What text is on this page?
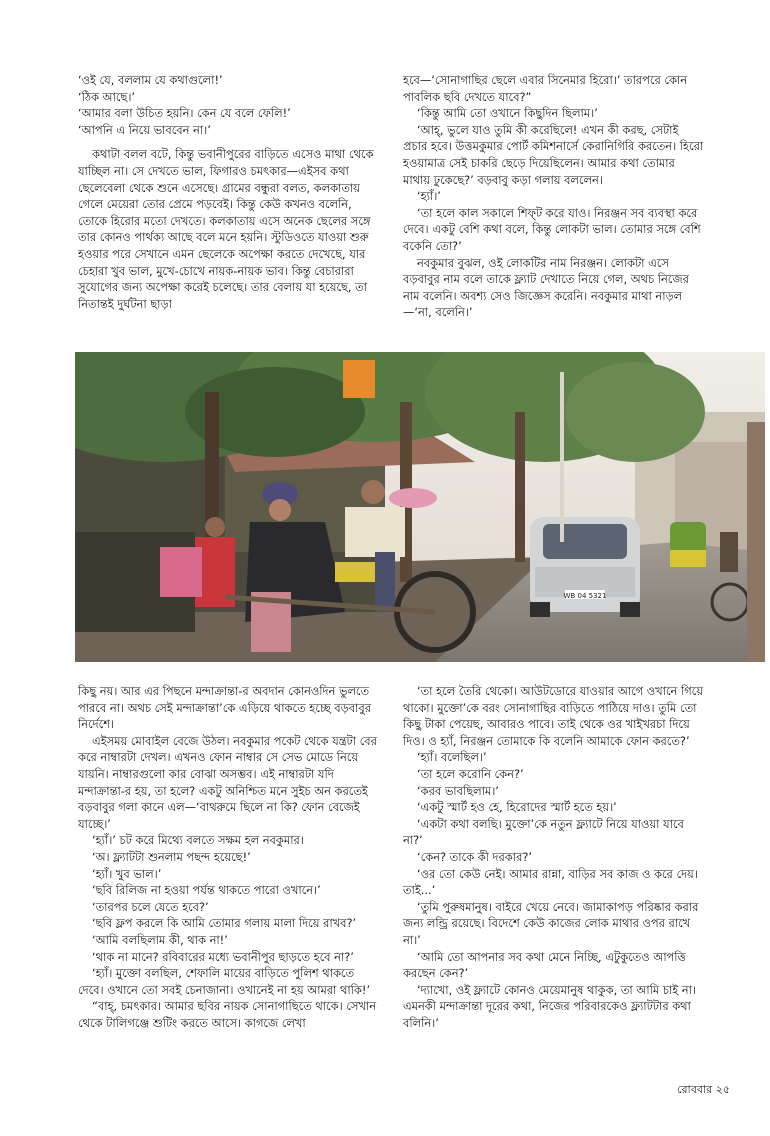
‘ওই যে, বললাম যে কথাগুলো!’

‘ঠিক আছে।’

‘আমার বলা উচিত হয়নি। কেন যে বলে ফেলি!’

‘আপনি এ নিয়ে ভাববেন না।’

কথাটা বলল বটে, কিন্তু ভবানীপুরের বাড়িতে এসেও মাথা থেকে যাচ্ছিল না। সে দেখতে ভাল, ফিগারও চমৎকার—এইসব কথা ছেলেবেলা থেকে শুনে এসেছে। গ্রামের বন্ধুরা বলত, কলকাতায় গেলে মেয়েরা তোর প্রেমে পড়বেই। কিন্তু কেউ কখনও বলেনি, তোকে হিরোর মতো দেখতে। কলকাতায় এসে অনেক ছেলের সঙ্গে তার কোনও পার্থক্য আছে বলে মনে হয়নি। স্টুডিওতে যাওয়া শুরু হওয়ার পরে সেখানে এমন ছেলেকে অপেক্ষা করতে দেখেছে, যার চেহারা খুব ভাল, মুখে-চোখে নায়ক-নায়ক ভাব। কিন্তু বেচারারা সুযোগের জন্য অপেক্ষা করেই চলেছে। তার বেলায় যা হয়েছে, তা নিতান্তই দুর্ঘটনা ছাড়া

হবে—‘সোনাগাছির ছেলে এবার সিনেমার হিরো।’ তারপরে কোন পাবলিক ছবি দেখতে যাবে?”

‘কিন্তু আমি তো ওখানে কিছুদিন ছিলাম।’

‘আহ্‌, ভুলে যাও তুমি কী করেছিলে! এখন কী করছ, সেটাই প্রচার হবে। উত্তমকুমার পোর্ট কমিশনার্সে কেরানিগিরি করতেন। হিরো হওয়ামাত্র সেই চাকরি ছেড়ে দিয়েছিলেন। আমার কথা তোমার মাথায় ঢুকেছে?’ বড়বাবু কড়া গলায় বললেন।

‘হ্যাঁ।’

‘তা হলে কাল সকালে শিফ্‌ট করে যাও। নিরঞ্জন সব ব্যবস্থা করে দেবে। একটু বেশি কথা বলে, কিন্তু লোকটা ভাল। তোমার সঙ্গে বেশি বকেনি তো?’

নবকুমার বুঝল, ওই লোকটির নাম নিরঞ্জন। লোকটা এসে বড়বাবুর নাম বলে তাকে ফ্ল্যাট দেখাতে নিয়ে গেল, অথচ নিজের নাম বলেনি। অবশ্য সেও জিজ্ঞেস করেনি। নবকুমার মাথা নাড়ল—‘না, বলেনি।’

WB 04 5321

কিছু নয়। আর এর পিছনে মন্দাক্রান্তা-র অবদান কোনওদিন ভুলতে পারবে না। অথচ সেই মন্দাক্রান্তা’কে এড়িয়ে থাকতে হচ্ছে বড়বাবুর নির্দেশে।

এইসময় মোবাইল বেজে উঠল। নবকুমার পকেট থেকে যন্ত্রটা বের করে নাম্বারটা দেখল। এখনও ফোন নাম্বার সে সেভ মোডে নিয়ে যায়নি। নাম্বারগুলো কার বোঝা অসম্ভব। এই নাম্বারটা যদি মন্দাক্রান্তা-র হয়, তা হলে? একটু অনিশ্চিত মনে সুইচ অন করতেই বড়বাবুর গলা কানে এল—‘বাথরুমে ছিলে না কি? ফোন বেজেই যাচ্ছে।’

‘হ্যাঁ।’ চট করে মিথ্যে বলতে সক্ষম হল নবকুমার।

‘অ। ফ্ল্যাটটা শুনলাম পছন্দ হয়েছে!’

‘হ্যাঁ। খুব ভাল।’

‘ছবি রিলিজ না হওয়া পর্যন্ত থাকতে পারো ওখানে।’

‘তারপর চলে যেতে হবে?’

‘ছবি ফ্লপ করলে কি আমি তোমার গলায় মালা দিয়ে রাখব?’

‘আমি বলছিলাম কী, থাক না!’

‘থাক না মানে? রবিবারের মধ্যে ভবানীপুর ছাড়তে হবে না?’

‘হ্যাঁ। মুক্তো বলছিল, শেফালি মায়ের বাড়িতে পুলিশ থাকতে দেবে। ওখানে তো সবই চেনাজানা। ওখানেই না হয় আমরা থাকি!’

“বাহ্‌, চমৎকার। আমার ছবির নায়ক সোনাগাছিতে থাকে। সেখান থেকে টালিগঞ্জে শুটিং করতে আসে। কাগজে লেখা

‘তা হলে তৈরি থেকো। আউটডোরে যাওয়ার আগে ওখানে গিয়ে থাকো। মুক্তো’কে বরং সোনাগাছির বাড়িতে পাঠিয়ে দাও। তুমি তো কিছু টাকা পেয়েছ, আবারও পাবে। তাই থেকে ওর খাইখরচা দিয়ে দিও। ও হ্যাঁ, নিরঞ্জন তোমাকে কি বলেনি আমাকে ফোন করতে?’

‘হ্যাঁ। বলেছিল।’

‘তা হলে করোনি কেন?’

‘করব ভাবছিলাম।’

‘একটু স্মার্ট হও হে, হিরোদের স্মার্ট হতে হয়।’

‘একটা কথা বলছি। মুক্তো’কে নতুন ফ্ল্যাটে নিয়ে যাওয়া যাবে না?’

‘কেন? তাকে কী দরকার?’

‘ওর তো কেউ নেই। আমার রান্না, বাড়ির সব কাজ ও করে দেয়। তাই...’

‘তুমি পুরুষমানুষ। বাইরে খেয়ে নেবে। জামাকাপড় পরিষ্কার করার জন্য লন্ড্রি রয়েছে। বিদেশে কেউ কাজের লোক মাথার ওপর রাখে না।’

‘আমি তো আপনার সব কথা মেনে নিচ্ছি, এটুকুতেও আপত্তি করছেন কেন?’

‘দ্যাখো, ওই ফ্ল্যাটে কোনও মেয়েমানুষ থাকুক, তা আমি চাই না। এমনকী মন্দাক্রান্তা দূরের কথা, নিজের পরিবারকেও ফ্ল্যাটটার কথা বলিনি।’

রোববার ২৫
